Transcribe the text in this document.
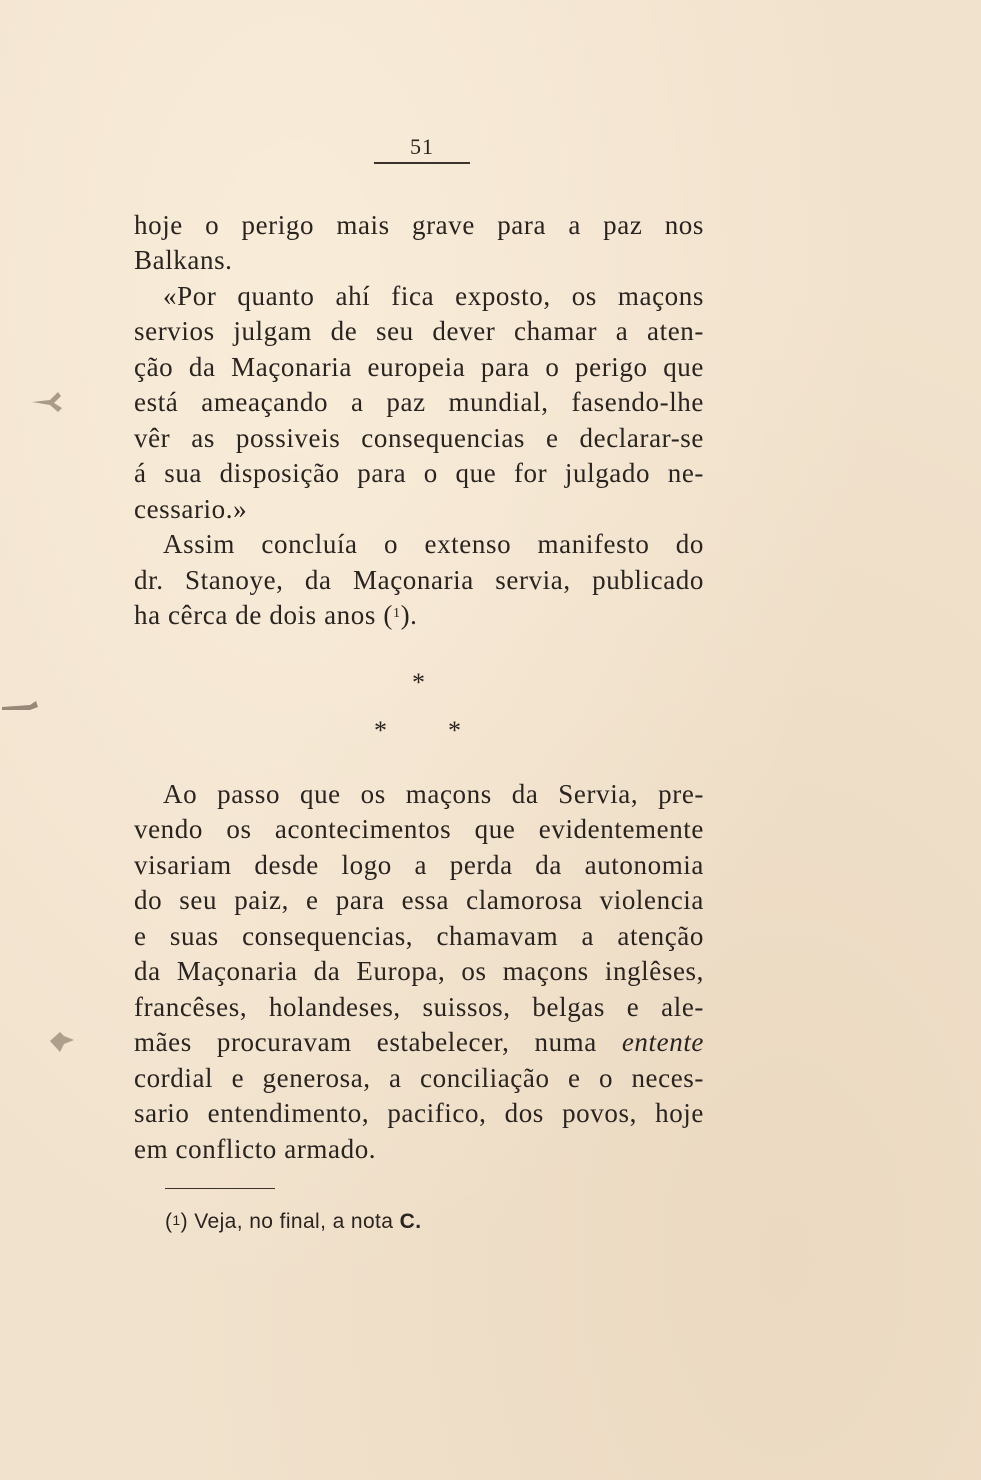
51
hoje o perigo mais grave para a paz nos
Balkans.
«Por quanto ahí fica exposto, os maçons
servios julgam de seu dever chamar a aten-
ção da Maçonaria europeia para o perigo que
está ameaçando a paz mundial, fasendo-lhe
vêr as possiveis consequencias e declarar-se
á sua disposição para o que for julgado ne-
cessario.»
Assim concluía o extenso manifesto do
dr. Stanoye, da Maçonaria servia, publicado
ha cêrca de dois anos ($^1$).
*
* *
Ao passo que os maçons da Servia, pre-
vendo os acontecimentos que evidentemente
visariam desde logo a perda da autonomia
do seu paiz, e para essa clamorosa violencia
e suas consequencias, chamavam a atenção
da Maçonaria da Europa, os maçons inglêses,
francêses, holandeses, suissos, belgas e ale-
mães procuravam estabelecer, numa entente
cordial e generosa, a conciliação e o neces-
sario entendimento, pacifico, dos povos, hoje
em conflicto armado.
($^1$) Veja, no final, a nota C.
